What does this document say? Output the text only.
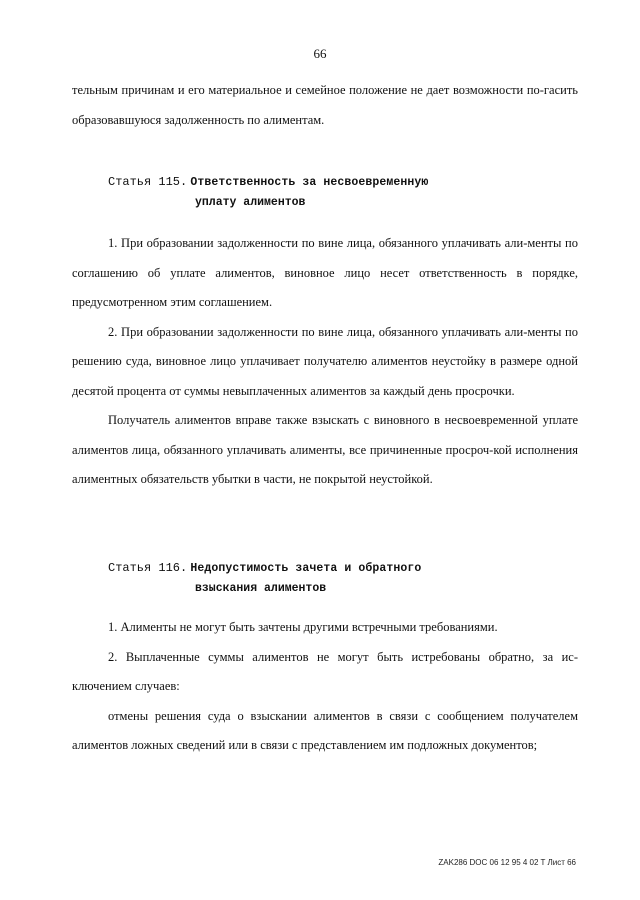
66

тельным причинам и его материальное и семейное положение не дает возможности по-гасить образовавшуюся задолженность по алиментам.

Статья 115. Ответственность за несвоевременную
уплату алиментов

1. При образовании задолженности по вине лица, обязанного уплачивать али-менты по соглашению об уплате алиментов, виновное лицо несет ответственность в порядке, предусмотренном этим соглашением.

2. При образовании задолженности по вине лица, обязанного уплачивать али-менты по решению суда, виновное лицо уплачивает получателю алиментов неустойку в размере одной десятой процента от суммы невыплаченных алиментов за каждый день просрочки.

Получатель алиментов вправе также взыскать с виновного в несвоевременной уплате алиментов лица, обязанного уплачивать алименты, все причиненные просроч-кой исполнения алиментных обязательств убытки в части, не покрытой неустойкой.

Статья 116. Недопустимость зачета и обратного
взыскания алиментов

1. Алименты не могут быть зачтены другими встречными требованиями.

2. Выплаченные суммы алиментов не могут быть истребованы обратно, за ис-ключением случаев:

отмены решения суда о взыскании алиментов в связи с сообщением получателем алиментов ложных сведений или в связи с представлением им подложных документов;

ZAK286 DOC 06 12 95 4 02 T Лист 66
